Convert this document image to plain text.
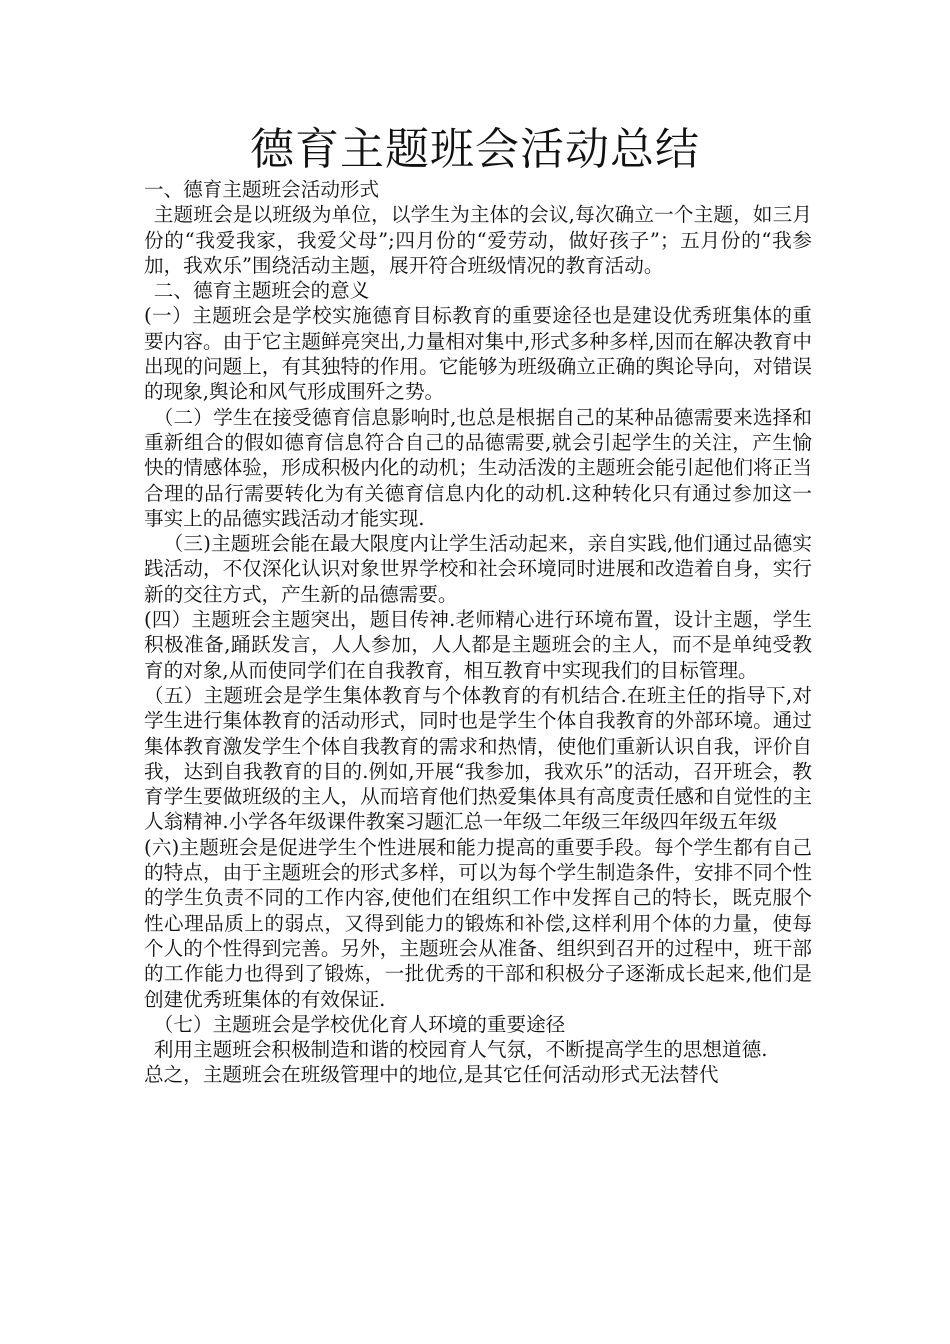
德育主题班会活动总结

一、德育主题班会活动形式

主题班会是以班级为单位，以学生为主体的会议,每次确立一个主题，如三月份的“我爱我家，我爱父母”;四月份的“爱劳动，做好孩子”；五月份的“我参加，我欢乐”围绕活动主题，展开符合班级情况的教育活动。

二、德育主题班会的意义

(一）主题班会是学校实施德育目标教育的重要途径也是建设优秀班集体的重要内容。由于它主题鲜亮突出,力量相对集中,形式多种多样,因而在解决教育中出现的问题上，有其独特的作用。它能够为班级确立正确的舆论导向，对错误的现象,舆论和风气形成围歼之势。

（二）学生在接受德育信息影响时,也总是根据自己的某种品德需要来选择和重新组合的假如德育信息符合自己的品德需要,就会引起学生的关注，产生愉快的情感体验，形成积极内化的动机；生动活泼的主题班会能引起他们将正当合理的品行需要转化为有关德育信息内化的动机.这种转化只有通过参加这一事实上的品德实践活动才能实现.

（三)主题班会能在最大限度内让学生活动起来，亲自实践,他们通过品德实践活动，不仅深化认识对象世界学校和社会环境同时进展和改造着自身，实行新的交往方式，产生新的品德需要。

(四）主题班会主题突出，题目传神.老师精心进行环境布置，设计主题，学生积极准备,踊跃发言，人人参加，人人都是主题班会的主人，而不是单纯受教育的对象,从而使同学们在自我教育，相互教育中实现我们的目标管理。

（五）主题班会是学生集体教育与个体教育的有机结合.在班主任的指导下,对学生进行集体教育的活动形式，同时也是学生个体自我教育的外部环境。通过集体教育激发学生个体自我教育的需求和热情，使他们重新认识自我，评价自我，达到自我教育的目的.例如,开展“我参加，我欢乐”的活动，召开班会，教育学生要做班级的主人，从而培育他们热爱集体具有高度责任感和自觉性的主人翁精神.小学各年级课件教案习题汇总一年级二年级三年级四年级五年级

(六)主题班会是促进学生个性进展和能力提高的重要手段。每个学生都有自己的特点，由于主题班会的形式多样，可以为每个学生制造条件，安排不同个性的学生负责不同的工作内容,使他们在组织工作中发挥自己的特长，既克服个性心理品质上的弱点，又得到能力的锻炼和补偿,这样利用个体的力量，使每个人的个性得到完善。另外，主题班会从准备、组织到召开的过程中，班干部的工作能力也得到了锻炼，一批优秀的干部和积极分子逐渐成长起来,他们是创建优秀班集体的有效保证.

（七）主题班会是学校优化育人环境的重要途径

利用主题班会积极制造和谐的校园育人气氛，不断提高学生的思想道德.

总之，主题班会在班级管理中的地位,是其它任何活动形式无法替代
